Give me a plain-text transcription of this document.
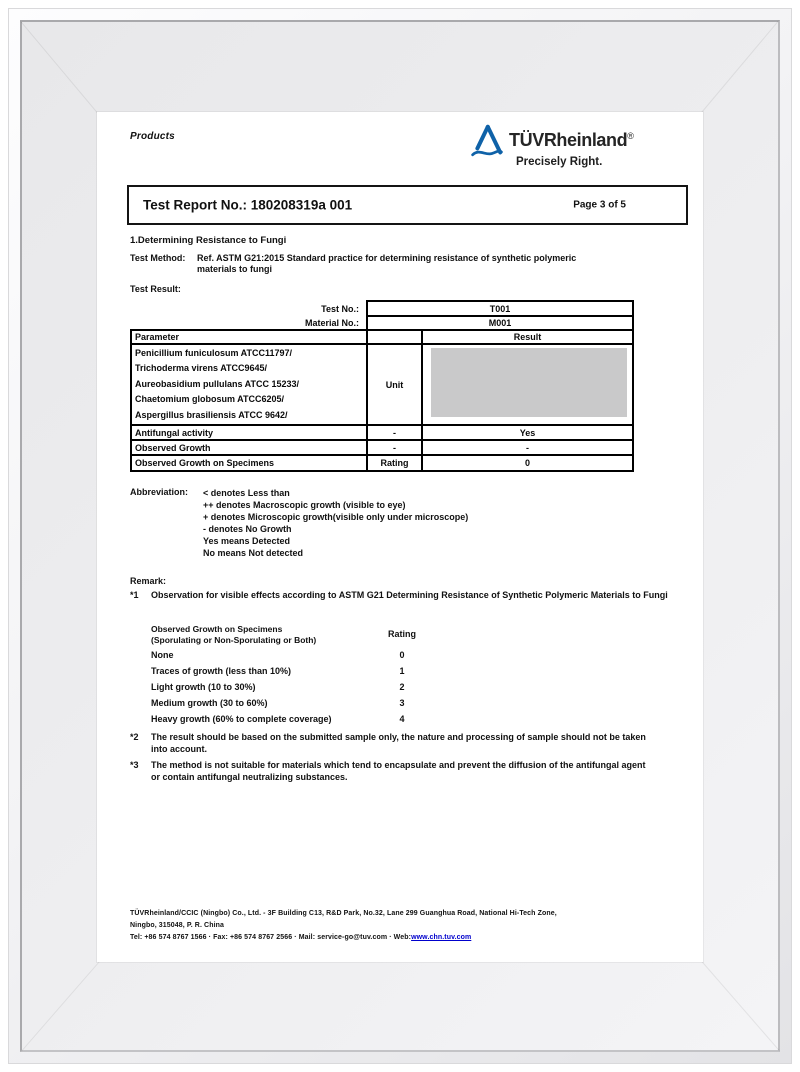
Products	TÜVRheinland®
Precisely Right.
Test Report No.: 180208319a 001	Page 3 of 5
1.Determining Resistance to Fungi
Test Method: Ref. ASTM G21:2015 Standard practice for determining resistance of synthetic polymeric materials to fungi
Test Result:
Test No.:	T001	
Material No.:	M001	
Parameter		Result

Penicillium funiculosum ATCC11797/
Trichoderma virens ATCC9645/
Aureobasidium pullulans ATCC 15233/
Chaetomium globosum ATCC6205/
Aspergillus brasiliensis ATCC 9642/	Unit	

Antifungal activity	-	Yes
Observed Growth	-	-
Observed Growth on Specimens	Rating	0
Abbreviation: < denotes Less than
++ denotes Macroscopic growth (visible to eye)
+ denotes Microscopic growth(visible only under microscope)
- denotes No Growth
Yes means Detected
No means Not detected
Remark:
*1 Observation for visible effects according to ASTM G21 Determining Resistance of Synthetic Polymeric Materials to Fungi
Observed Growth on Specimens
(Sporulating or Non-Sporulating or Both)
Rating
None	0
Traces of growth (less than 10%)	1
Light growth (10 to 30%)	2
Medium growth (30 to 60%)	3
Heavy growth (60% to complete coverage)	4
*2 The result should be based on the submitted sample only, the nature and processing of sample should not be taken into account.
*3 The method is not suitable for materials which tend to encapsulate and prevent the diffusion of the antifungal agent or contain antifungal neutralizing substances.
TÜVRheinland/CCIC (Ningbo) Co., Ltd. - 3F Building C13, R&D Park, No.32, Lane 299 Guanghua Road, National Hi-Tech Zone,
Ningbo, 315048, P. R. China
Tel: +86 574 8767 1566 · Fax: +86 574 8767 2566 · Mail: service-go@tuv.com · Web:www.chn.tuv.com
